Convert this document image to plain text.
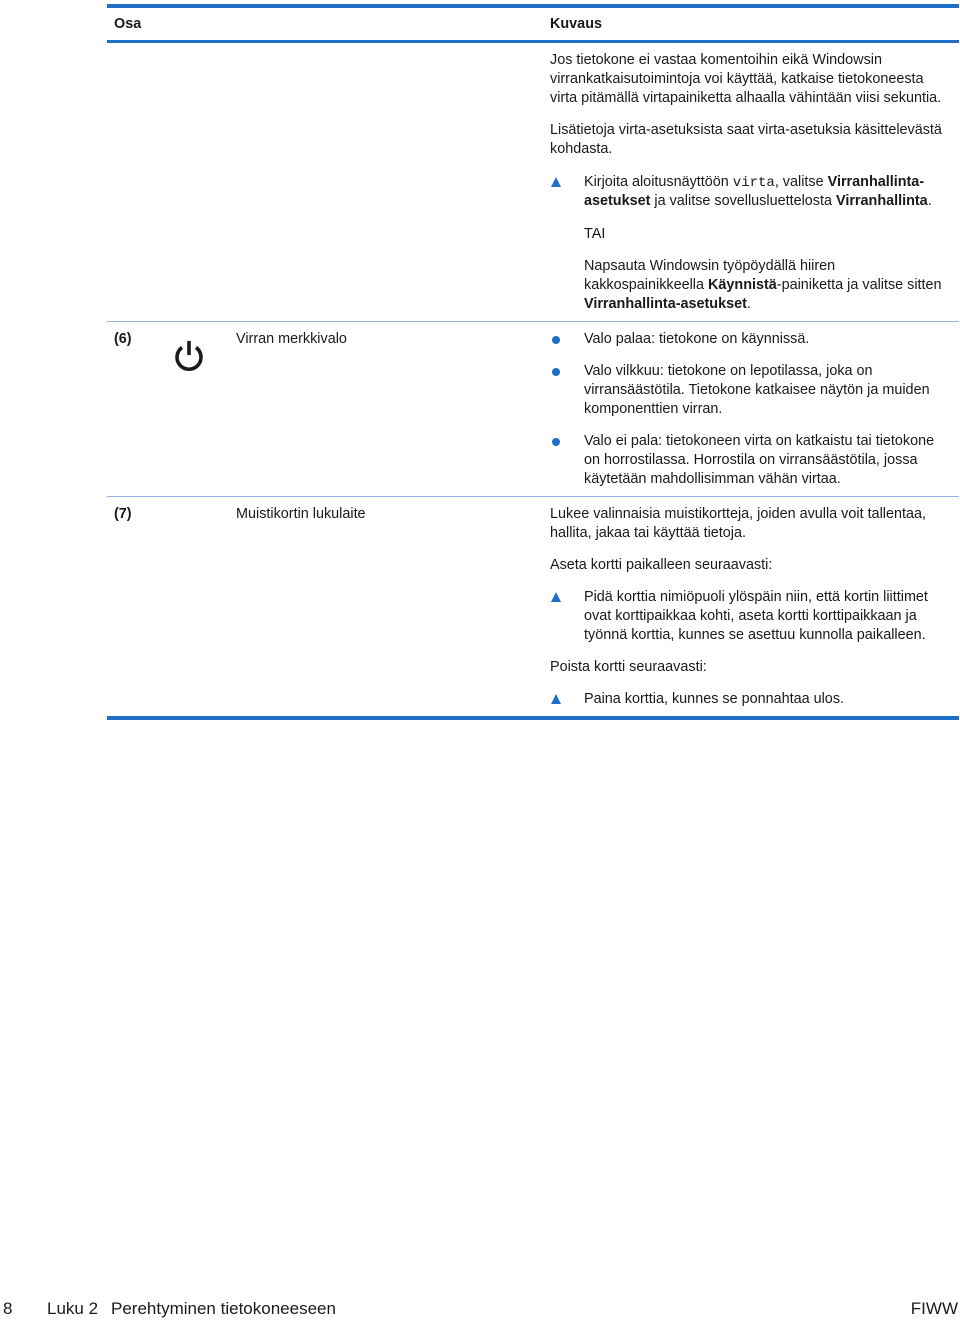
Osa	Kuvaus

Jos tietokone ei vastaa komentoihin eikä Windowsin

virrankatkaisutoimintoja voi käyttää, katkaise tietokoneesta

virta pitämällä virtapainiketta alhaalla vähintään viisi sekuntia.

Lisätietoja virta-asetuksista saat virta-asetuksia käsittelevästä

kohdasta.

Kirjoita aloitusnäyttöön virta, valitse Virranhallinta-

asetukset ja valitse sovellusluettelosta Virranhallinta.

TAI

Napsauta Windowsin työpöydällä hiiren

kakkospainikkeella Käynnistä-painiketta ja valitse sitten

Virranhallinta-asetukset.

(6)	Virran merkkivalo	Valo palaa: tietokone on käynnissä.

Valo vilkkuu: tietokone on lepotilassa, joka on

virransäästötila. Tietokone katkaisee näytön ja muiden

komponenttien virran.

Valo ei pala: tietokoneen virta on katkaistu tai tietokone

on horrostilassa. Horrostila on virransäästötila, jossa

käytetään mahdollisimman vähän virtaa.

(7)	Muistikortin lukulaite	Lukee valinnaisia muistikortteja, joiden avulla voit tallentaa,

hallita, jakaa tai käyttää tietoja.

Aseta kortti paikalleen seuraavasti:

Pidä korttia nimiöpuoli ylöspäin niin, että kortin liittimet

ovat korttipaikkaa kohti, aseta kortti korttipaikkaan ja

työnnä korttia, kunnes se asettuu kunnolla paikalleen.

Poista kortti seuraavasti:

Paina korttia, kunnes se ponnahtaa ulos.

8 Luku 2 Perehtyminen tietokoneeseen	FIWW
